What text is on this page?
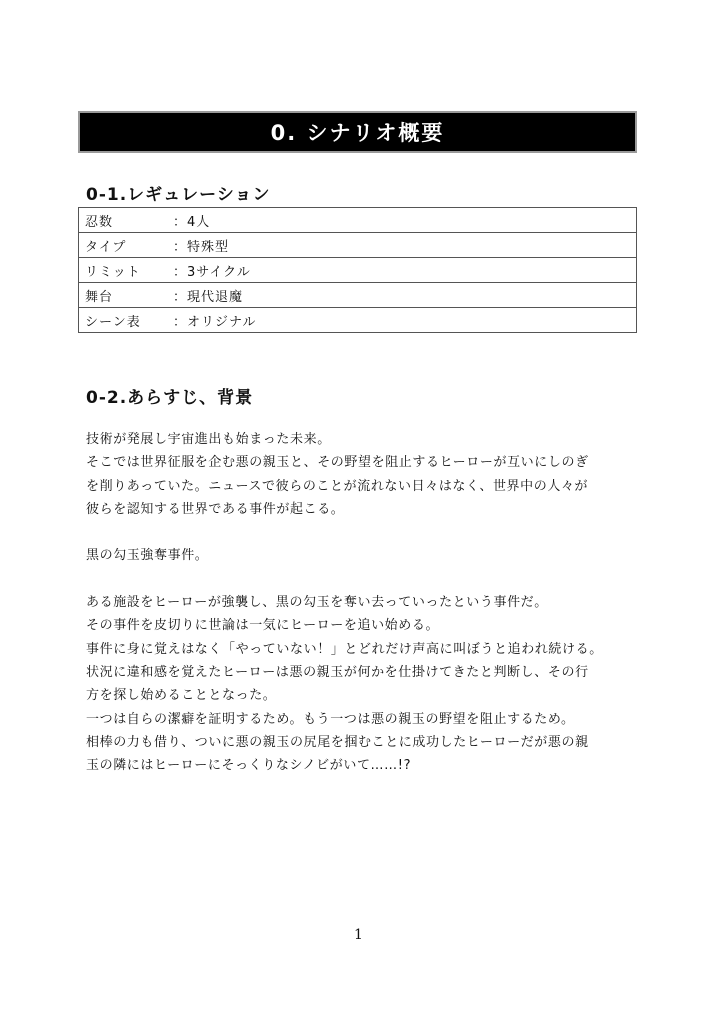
0. シナリオ概要
0-1.レギュレーション
忍数	：4人

タイプ	：特殊型

リミット	：3サイクル

舞台	：現代退魔

シーン表	：オリジナル
0-2.あらすじ、背景

技術が発展し宇宙進出も始まった未来。

そこでは世界征服を企む悪の親玉と、その野望を阻止するヒーローが互いにしのぎ

を削りあっていた。ニュースで彼らのことが流れない日々はなく、世界中の人々が

彼らを認知する世界である事件が起こる。

黒の勾玉強奪事件。

ある施設をヒーローが強襲し、黒の勾玉を奪い去っていったという事件だ。

その事件を皮切りに世論は一気にヒーローを追い始める。

事件に身に覚えはなく「やっていない！」とどれだけ声高に叫ぼうと追われ続ける。

状況に違和感を覚えたヒーローは悪の親玉が何かを仕掛けてきたと判断し、その行

方を探し始めることとなった。

一つは自らの潔癖を証明するため。もう一つは悪の親玉の野望を阻止するため。

相棒の力も借り、ついに悪の親玉の尻尾を掴むことに成功したヒーローだが悪の親

玉の隣にはヒーローにそっくりなシノビがいて……!?

1
